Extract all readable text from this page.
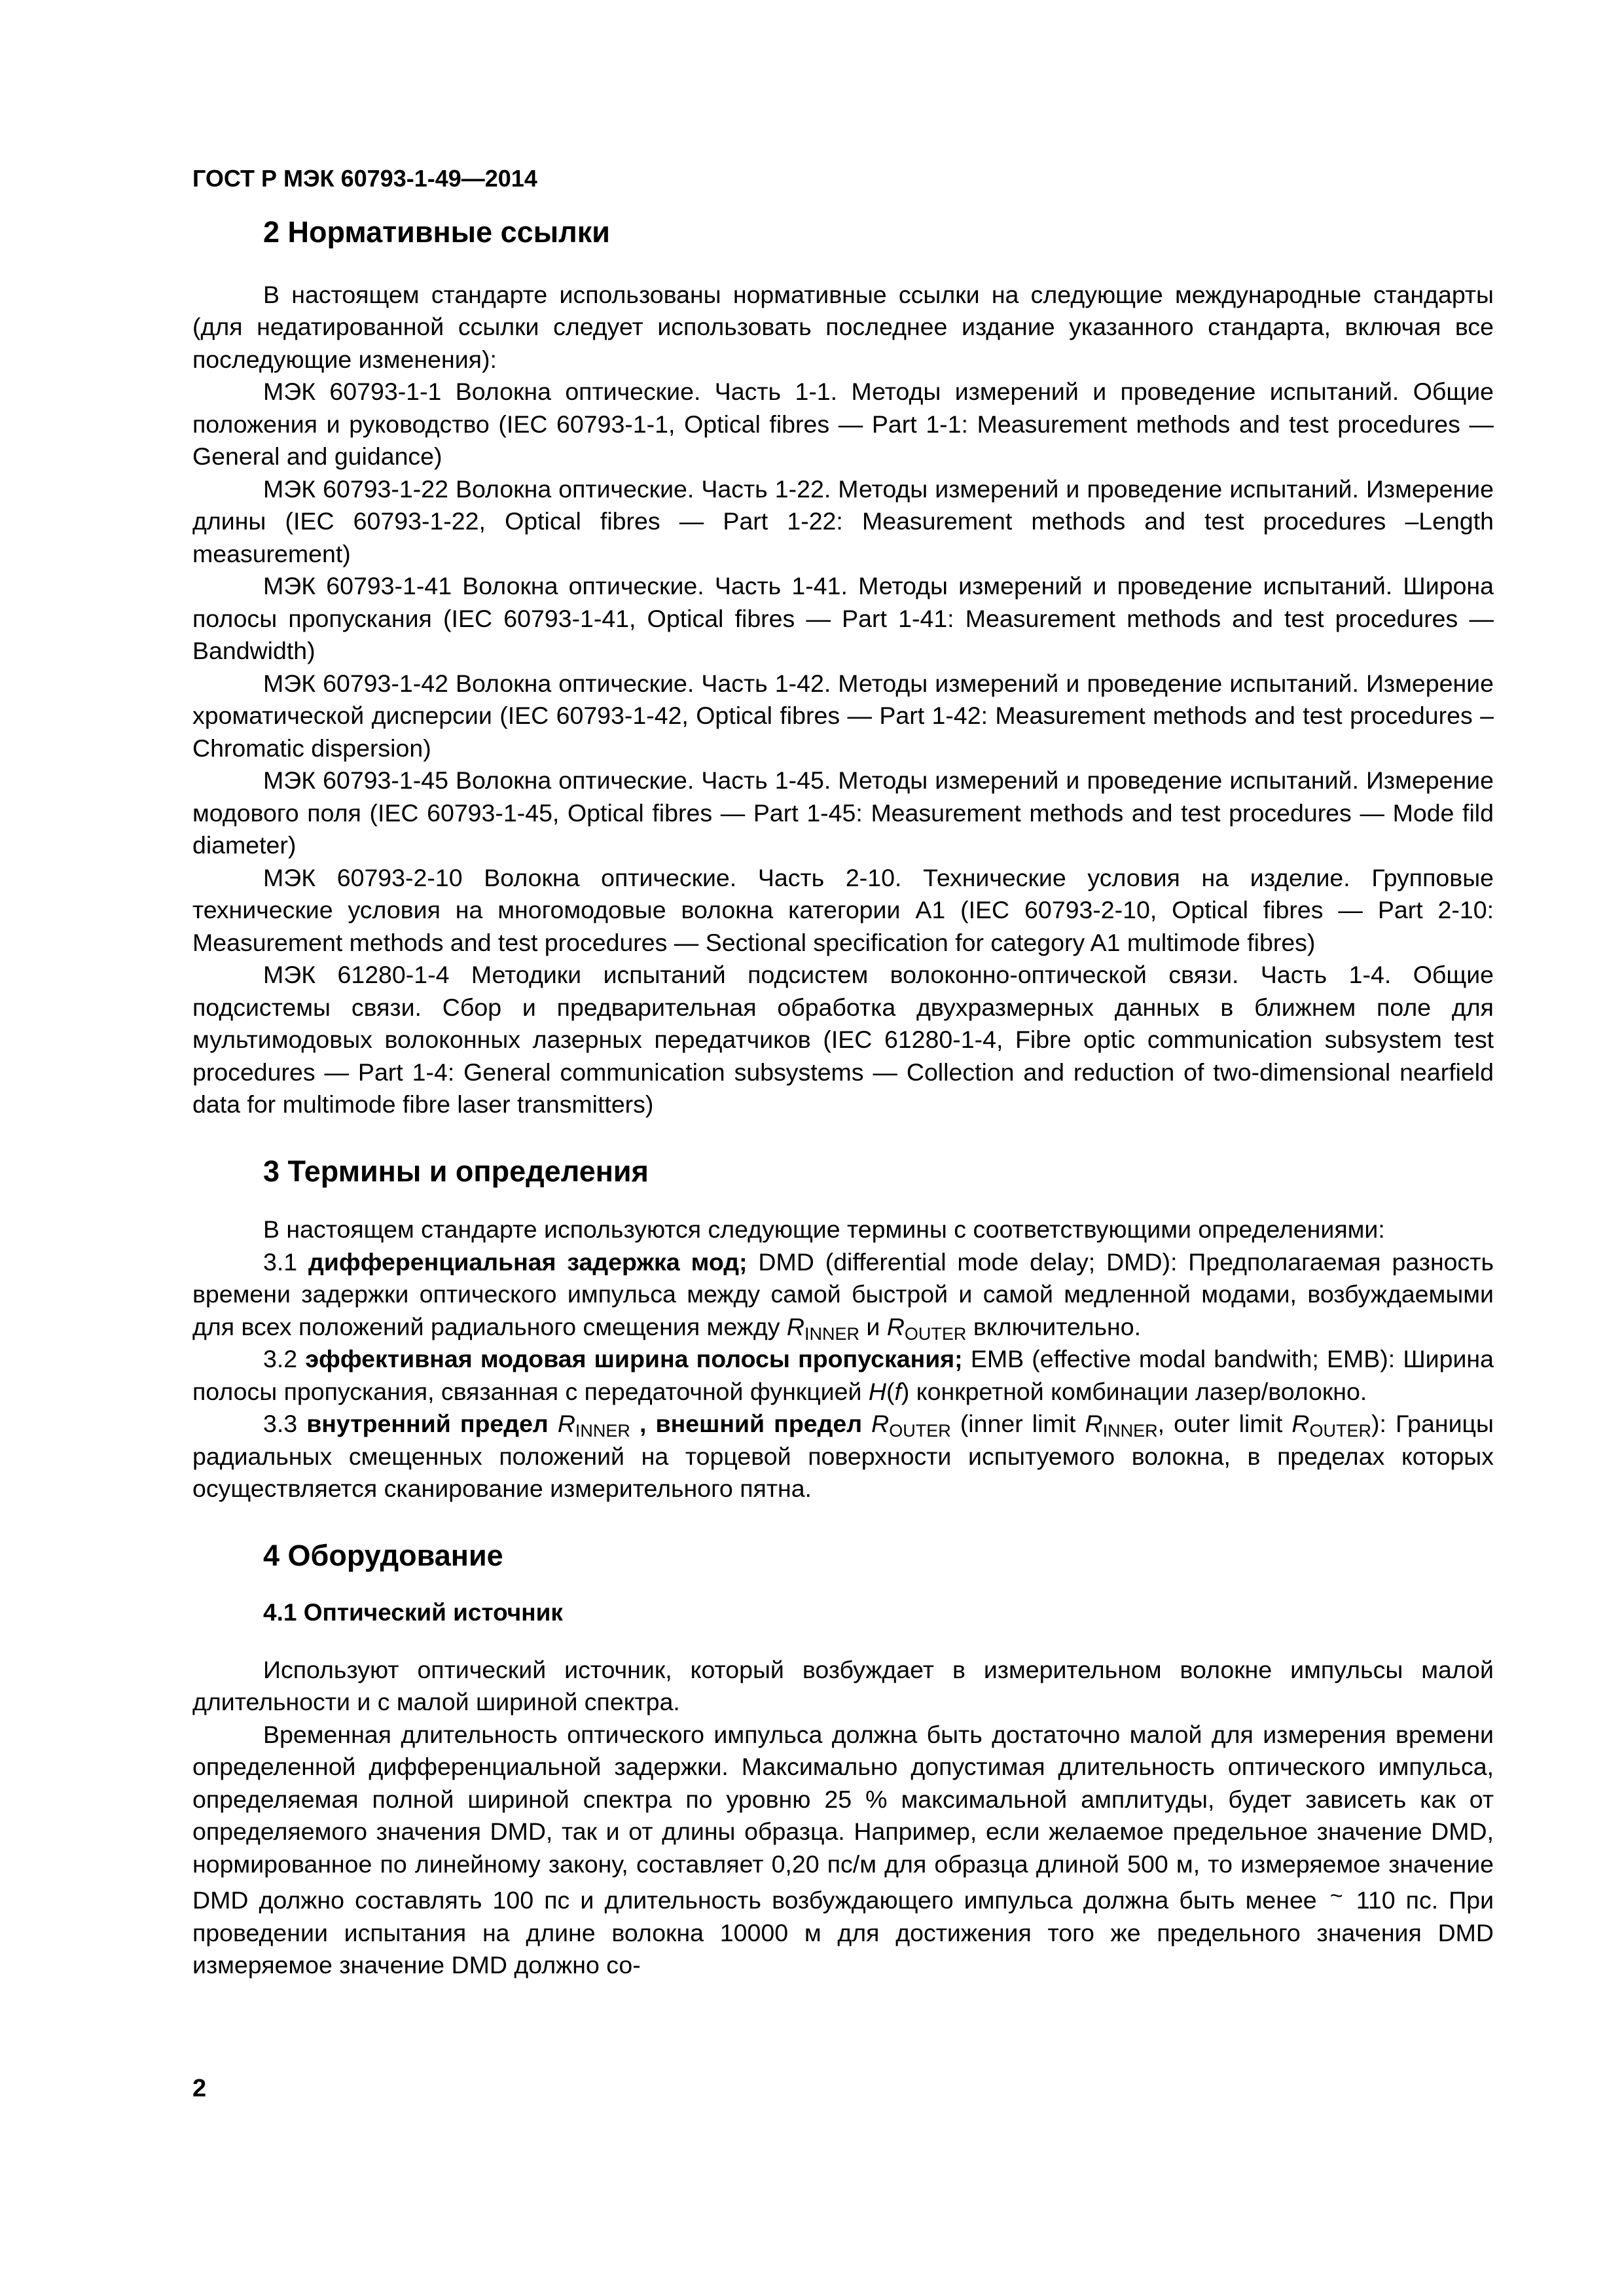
ГОСТ Р МЭК 60793-1-49—2014
2 Нормативные ссылки

В настоящем стандарте использованы нормативные ссылки на следующие международные стандарты (для недатированной ссылки следует использовать последнее издание указанного стандарта, включая все последующие изменения):

МЭК 60793-1-1 Волокна оптические. Часть 1-1. Методы измерений и проведение испытаний. Общие положения и руководство (IEC 60793-1-1, Optical fibres — Part 1-1: Measurement methods and test procedures — General and guidance)

МЭК 60793-1-22 Волокна оптические. Часть 1-22. Методы измерений и проведение испытаний. Измерение длины (IEC 60793-1-22, Optical fibres — Part 1-22: Measurement methods and test procedures –Length measurement)

МЭК 60793-1-41 Волокна оптические. Часть 1-41. Методы измерений и проведение испытаний. Широна полосы пропускания (IEC 60793-1-41, Optical fibres — Part 1-41: Measurement methods and test procedures — Bandwidth)

МЭК 60793-1-42 Волокна оптические. Часть 1-42. Методы измерений и проведение испытаний. Измерение хроматической дисперсии (IEC 60793-1-42, Optical fibres — Part 1-42: Measurement methods and test procedures –Chromatic dispersion)

МЭК 60793-1-45 Волокна оптические. Часть 1-45. Методы измерений и проведение испытаний. Измерение модового поля (IEC 60793-1-45, Optical fibres — Part 1-45: Measurement methods and test procedures — Mode fild diameter)

МЭК 60793-2-10 Волокна оптические. Часть 2-10. Технические условия на изделие. Групповые технические условия на многомодовые волокна категории А1 (IEC 60793-2-10, Optical fibres — Part 2-10: Measurement methods and test procedures — Sectional specification for category A1 multimode fibres)

МЭК 61280-1-4 Методики испытаний подсистем волоконно-оптической связи. Часть 1-4. Общие подсистемы связи. Сбор и предварительная обработка двухразмерных данных в ближнем поле для мультимодовых волоконных лазерных передатчиков (IEC 61280-1-4, Fibre optic communication subsystem test procedures — Part 1-4: General communication subsystems — Collection and reduction of two-dimensional nearfield data for multimode fibre laser transmitters)

3 Термины и определения

В настоящем стандарте используются следующие термины с соответствующими определениями:

3.1 дифференциальная задержка мод; DMD (differential mode delay; DMD): Предполагаемая разность времени задержки оптического импульса между самой быстрой и самой медленной модами, возбуждаемыми для всех положений радиального смещения между $R_{INNER}$ и $R_{OUTER}$ включительно.

3.2 эффективная модовая ширина полосы пропускания; EMB (effective modal bandwith; EMB): Ширина полосы пропускания, связанная с передаточной функцией H(f) конкретной комбинации лазер/волокно.

3.3 внутренний предел $R_{INNER}$ , внешний предел $R_{OUTER}$ (inner limit $R_{INNER}$, outer limit $R_{OUTER}$): Границы радиальных смещенных положений на торцевой поверхности испытуемого волокна, в пределах которых осуществляется сканирование измерительного пятна.

4 Оборудование
4.1 Оптический источник

Используют оптический источник, который возбуждает в измерительном волокне импульсы малой длительности и с малой шириной спектра.

Временная длительность оптического импульса должна быть достаточно малой для измерения времени определенной дифференциальной задержки. Максимально допустимая длительность оптического импульса, определяемая полной шириной спектра по уровню 25 % максимальной амплитуды, будет зависеть как от определяемого значения DMD, так и от длины образца. Например, если желаемое предельное значение DMD, нормированное по линейному закону, составляет 0,20 пс/м для образца длиной 500 м, то измеряемое значение DMD должно составлять 100 пс и длительность возбуждающего импульса должна быть менее ~ 110 пс. При проведении испытания на длине волокна 10000 м для достижения того же предельного значения DMD измеряемое значение DMD должно со-

2
